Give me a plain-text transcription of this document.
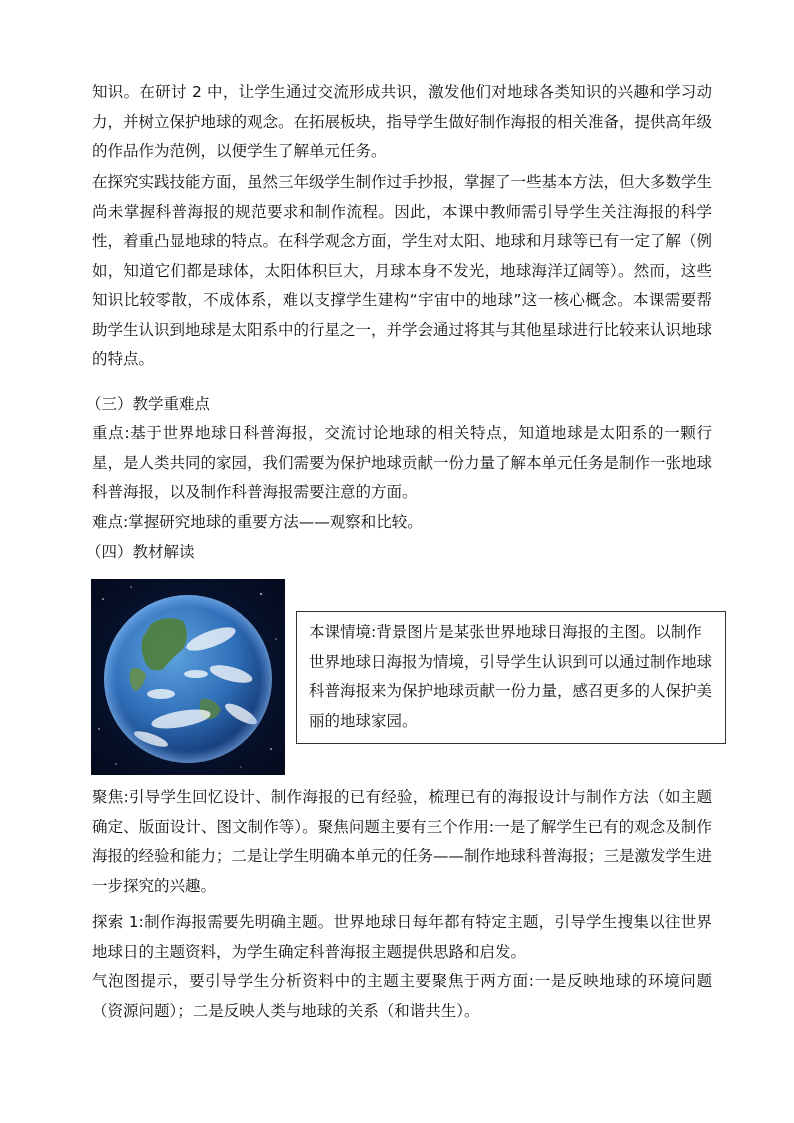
知识。在研讨 2 中，让学生通过交流形成共识，激发他们对地球各类知识的兴趣和学习动力，并树立保护地球的观念。在拓展板块，指导学生做好制作海报的相关准备，提供高年级的作品作为范例，以便学生了解单元任务。

在探究实践技能方面，虽然三年级学生制作过手抄报，掌握了一些基本方法，但大多数学生尚未掌握科普海报的规范要求和制作流程。因此，本课中教师需引导学生关注海报的科学性，着重凸显地球的特点。在科学观念方面，学生对太阳、地球和月球等已有一定了解（例如，知道它们都是球体，太阳体积巨大，月球本身不发光，地球海洋辽阔等）。然而，这些知识比较零散，不成体系，难以支撑学生建构“宇宙中的地球”这一核心概念。本课需要帮助学生认识到地球是太阳系中的行星之一，并学会通过将其与其他星球进行比较来认识地球的特点。

（三）教学重难点

重点:基于世界地球日科普海报，交流讨论地球的相关特点，知道地球是太阳系的一颗行星，是人类共同的家园，我们需要为保护地球贡献一份力量了解本单元任务是制作一张地球科普海报，以及制作科普海报需要注意的方面。

难点:掌握研究地球的重要方法——观察和比较。

（四）教材解读

本课情境:背景图片是某张世界地球日海报的主图。以制作世界地球日海报为情境，引导学生认识到可以通过制作地球科普海报来为保护地球贡献一份力量，感召更多的人保护美丽的地球家园。

聚焦:引导学生回忆设计、制作海报的已有经验，梳理已有的海报设计与制作方法（如主题确定、版面设计、图文制作等）。聚焦问题主要有三个作用:一是了解学生已有的观念及制作海报的经验和能力；二是让学生明确本单元的任务——制作地球科普海报；三是激发学生进一步探究的兴趣。

探索 1:制作海报需要先明确主题。世界地球日每年都有特定主题，引导学生搜集以往世界地球日的主题资料，为学生确定科普海报主题提供思路和启发。

气泡图提示，要引导学生分析资料中的主题主要聚焦于两方面:一是反映地球的环境问题（资源问题）；二是反映人类与地球的关系（和谐共生）。
